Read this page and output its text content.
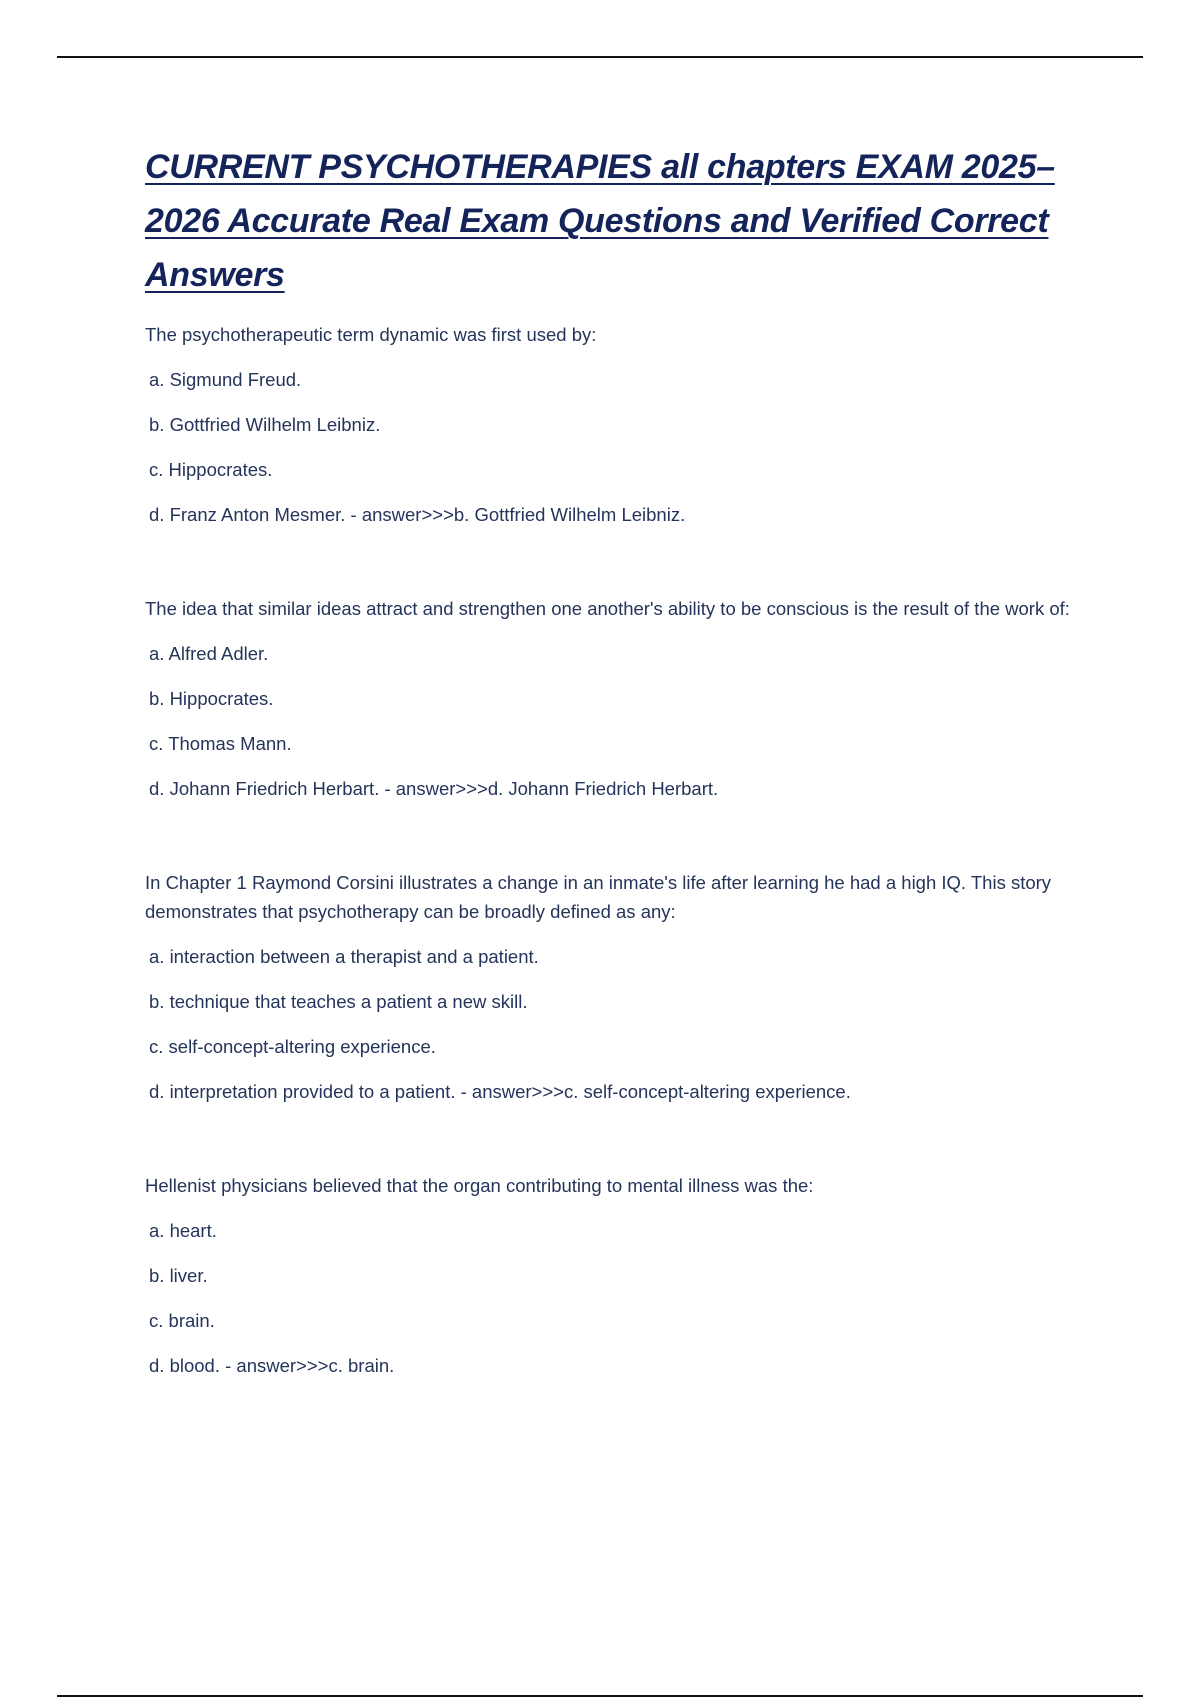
CURRENT PSYCHOTHERAPIES all chapters EXAM 2025–2026 Accurate Real Exam Questions and Verified Correct Answers

The psychotherapeutic term dynamic was first used by:

a. Sigmund Freud.

b. Gottfried Wilhelm Leibniz.

c. Hippocrates.

d. Franz Anton Mesmer. - answer>>>b. Gottfried Wilhelm Leibniz.

The idea that similar ideas attract and strengthen one another's ability to be conscious is the result of the work of:

a. Alfred Adler.

b. Hippocrates.

c. Thomas Mann.

d. Johann Friedrich Herbart. - answer>>>d. Johann Friedrich Herbart.

In Chapter 1 Raymond Corsini illustrates a change in an inmate's life after learning he had a high IQ. This story demonstrates that psychotherapy can be broadly defined as any:

a. interaction between a therapist and a patient.

b. technique that teaches a patient a new skill.

c. self-concept-altering experience.

d. interpretation provided to a patient. - answer>>>c. self-concept-altering experience.

Hellenist physicians believed that the organ contributing to mental illness was the:

a. heart.

b. liver.

c. brain.

d. blood. - answer>>>c. brain.
